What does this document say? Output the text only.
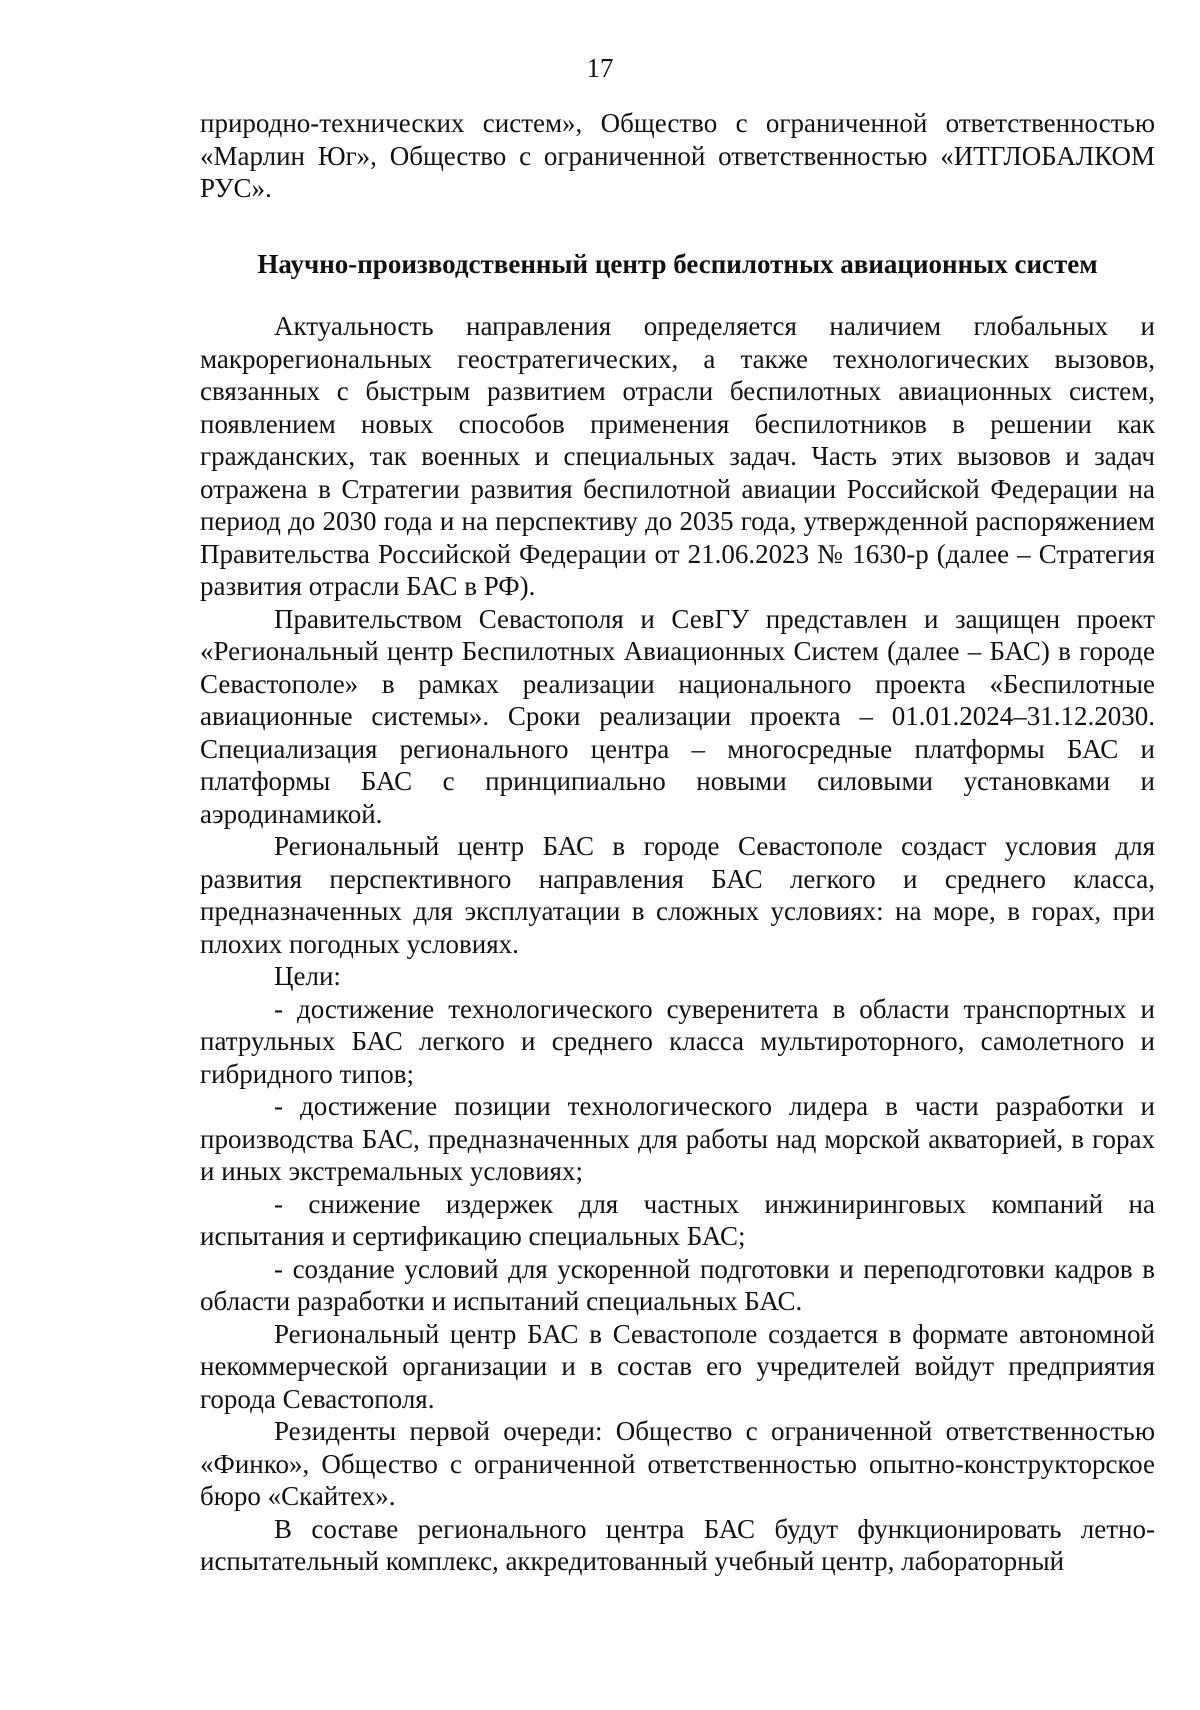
17

природно-технических систем», Общество с ограниченной ответственностью «Марлин Юг», Общество с ограниченной ответственностью «ИТГЛОБАЛКОМ РУС».

Научно-производственный центр беспилотных авиационных систем

Актуальность направления определяется наличием глобальных и макрорегиональных геостратегических, а также технологических вызовов, связанных с быстрым развитием отрасли беспилотных авиационных систем, появлением новых способов применения беспилотников в решении как гражданских, так военных и специальных задач. Часть этих вызовов и задач отражена в Стратегии развития беспилотной авиации Российской Федерации на период до 2030 года и на перспективу до 2035 года, утвержденной распоряжением Правительства Российской Федерации от 21.06.2023 № 1630-р (далее – Стратегия развития отрасли БАС в РФ).

Правительством Севастополя и СевГУ представлен и защищен проект «Региональный центр Беспилотных Авиационных Систем (далее – БАС) в городе Севастополе» в рамках реализации национального проекта «Беспилотные авиационные системы». Сроки реализации проекта – 01.01.2024–31.12.2030. Специализация регионального центра – многосредные платформы БАС и платформы БАС с принципиально новыми силовыми установками и аэродинамикой.

Региональный центр БАС в городе Севастополе создаст условия для развития перспективного направления БАС легкого и среднего класса, предназначенных для эксплуатации в сложных условиях: на море, в горах, при плохих погодных условиях.

Цели:

- достижение технологического суверенитета в области транспортных и патрульных БАС легкого и среднего класса мультироторного, самолетного и гибридного типов;

- достижение позиции технологического лидера в части разработки и производства БАС, предназначенных для работы над морской акваторией, в горах и иных экстремальных условиях;

- снижение издержек для частных инжиниринговых компаний на испытания и сертификацию специальных БАС;

- создание условий для ускоренной подготовки и переподготовки кадров в области разработки и испытаний специальных БАС.

Региональный центр БАС в Севастополе создается в формате автономной некоммерческой организации и в состав его учредителей войдут предприятия города Севастополя.

Резиденты первой очереди: Общество с ограниченной ответственностью «Финко», Общество с ограниченной ответственностью опытно-конструкторское бюро «Скайтех».

В составе регионального центра БАС будут функционировать летно-испытательный комплекс, аккредитованный учебный центр, лабораторный
